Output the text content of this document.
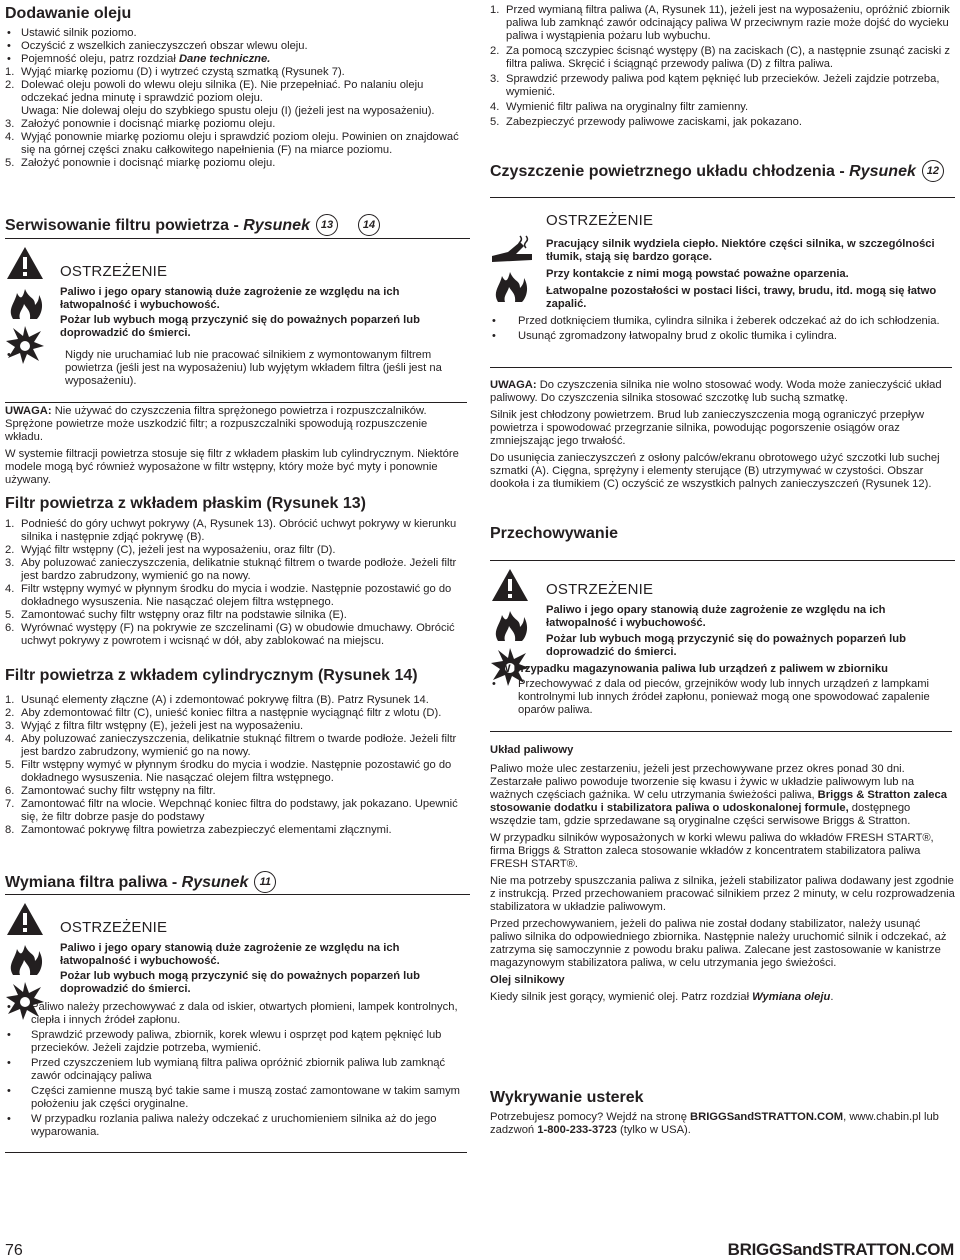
Dodawanie oleju
• Ustawić silnik poziomo.
• Oczyścić z wszelkich zanieczyszczeń obszar wlewu oleju.
• Pojemność oleju, patrz rozdział Dane techniczne.
1. Wyjąć miarkę poziomu (D) i wytrzeć czystą szmatką (Rysunek 7).
2. Dolewać oleju powoli do wlewu oleju silnika (E). Nie przepełniać. Po nalaniu oleju odczekać jedna minutę i sprawdzić poziom oleju.
Uwaga: Nie dolewaj oleju do szybkiego spustu oleju (I) (jeżeli jest na wyposażeniu).
3. Założyć ponownie i docisnąć miarkę poziomu oleju.
4. Wyjąć ponownie miarkę poziomu oleju i sprawdzić poziom oleju. Powinien on znajdować się na górnej części znaku całkowitego napełnienia (F) na miarce poziomu.
5. Założyć ponownie i docisnąć miarkę poziomu oleju.
Serwisowanie filtru powietrza - Rysunek 13	14
OSTRZEŻENIE

Paliwo i jego opary stanowią duże zagrożenie ze względu na ich łatwopalność i wybuchowość.

Pożar lub wybuch mogą przyczynić się do poważnych poparzeń lub doprowadzić do śmierci.

• Nigdy nie uruchamiać lub nie pracować silnikiem z wymontowanym filtrem powietrza (jeśli jest na wyposażeniu) lub wyjętym wkładem filtra (jeśli jest na wyposażeniu).

UWAGA: Nie używać do czyszczenia filtra sprężonego powietrza i rozpuszczalników. Sprężone powietrze może uszkodzić filtr; a rozpuszczalniki spowodują rozpuszczenie wkładu.

W systemie filtracji powietrza stosuje się filtr z wkładem płaskim lub cylindrycznym. Niektóre modele mogą być również wyposażone w filtr wstępny, który może być myty i ponownie używany.

Filtr powietrza z wkładem płaskim (Rysunek 13)
1. Podnieść do góry uchwyt pokrywy (A, Rysunek 13). Obrócić uchwyt pokrywy w kierunku silnika i następnie zdjąć pokrywę (B).
2. Wyjąć filtr wstępny (C), jeżeli jest na wyposażeniu, oraz filtr (D).
3. Aby poluzować zanieczyszczenia, delikatnie stuknąć filtrem o twarde podłoże. Jeżeli filtr jest bardzo zabrudzony, wymienić go na nowy.
4. Filtr wstępny wymyć w płynnym środku do mycia i wodzie. Następnie pozostawić go do dokładnego wysuszenia. Nie nasączać olejem filtra wstępnego.
5. Zamontować suchy filtr wstępny oraz filtr na podstawie silnika (E).
6. Wyrównać występy (F) na pokrywie ze szczelinami (G) w obudowie dmuchawy. Obrócić uchwyt pokrywy z powrotem i wcisnąć w dół, aby zablokować na miejscu.
Filtr powietrza z wkładem cylindrycznym (Rysunek 14)
1. Usunąć elementy złączne (A) i zdemontować pokrywę filtra (B). Patrz Rysunek 14.
2. Aby zdemontować filtr (C), unieść koniec filtra a następnie wyciągnąć filtr z wlotu (D).
3. Wyjąć z filtra filtr wstępny (E), jeżeli jest na wyposażeniu.
4. Aby poluzować zanieczyszczenia, delikatnie stuknąć filtrem o twarde podłoże. Jeżeli filtr jest bardzo zabrudzony, wymienić go na nowy.
5. Filtr wstępny wymyć w płynnym środku do mycia i wodzie. Następnie pozostawić go do dokładnego wysuszenia. Nie nasączać olejem filtra wstępnego.
6. Zamontować suchy filtr wstępny na filtr.
7. Zamontować filtr na wlocie. Wepchnąć koniec filtra do podstawy, jak pokazano. Upewnić się, że filtr dobrze pasje do podstawy
8. Zamontować pokrywę filtra powietrza zabezpieczyć elementami złącznymi.
Wymiana filtra paliwa - Rysunek	11
OSTRZEŻENIE

Paliwo i jego opary stanowią duże zagrożenie ze względu na ich łatwopalność i wybuchowość.

Pożar lub wybuch mogą przyczynić się do poważnych poparzeń lub doprowadzić do śmierci.

• Paliwo należy przechowywać z dala od iskier, otwartych płomieni, lampek kontrolnych, ciepła i innych źródeł zapłonu.
• Sprawdzić przewody paliwa, zbiornik, korek wlewu i osprzęt pod kątem pęknięć lub przecieków. Jeżeli zajdzie potrzeba, wymienić.
• Przed czyszczeniem lub wymianą filtra paliwa opróżnić zbiornik paliwa lub zamknąć zawór odcinający paliwa
• Części zamienne muszą być takie same i muszą zostać zamontowane w takim samym położeniu jak części oryginalne.
• W przypadku rozlania paliwa należy odczekać z uruchomieniem silnika aż do jego wyparowania.
1. Przed wymianą filtra paliwa (A, Rysunek 11), jeżeli jest na wyposażeniu, opróżnić zbiornik paliwa lub zamknąć zawór odcinający paliwa W przeciwnym razie może dojść do wycieku paliwa i wystąpienia pożaru lub wybuchu.
2. Za pomocą szczypiec ścisnąć występy (B) na zaciskach (C), a następnie zsunąć zaciski z filtra paliwa. Skręcić i ściągnąć przewody paliwa (D) z filtra paliwa.
3. Sprawdzić przewody paliwa pod kątem pęknięć lub przecieków. Jeżeli zajdzie potrzeba, wymienić.
4. Wymienić filtr paliwa na oryginalny filtr zamienny.
5. Zabezpieczyć przewody paliwowe zaciskami, jak pokazano.
Czyszczenie powietrznego układu chłodzenia - Rysunek 12
OSTRZEŻENIE

Pracujący silnik wydziela ciepło. Niektóre części silnika, w szczególności tłumik, stają się bardzo gorące.

Przy kontakcie z nimi mogą powstać poważne oparzenia.

Łatwopalne pozostałości w postaci liści, trawy, brudu, itd. mogą się łatwo zapalić.

• Przed dotknięciem tłumika, cylindra silnika i żeberek odczekać aż do ich schłodzenia.
• Usunąć zgromadzony łatwopalny brud z okolic tłumika i cylindra.

UWAGA: Do czyszczenia silnika nie wolno stosować wody. Woda może zanieczyścić układ paliwowy. Do czyszczenia silnika stosować szczotkę lub suchą szmatkę.

Silnik jest chłodzony powietrzem. Brud lub zanieczyszczenia mogą ograniczyć przepływ powietrza i spowodować przegrzanie silnika, powodując pogorszenie osiągów oraz zmniejszając jego trwałość.

Do usunięcia zanieczyszczeń z osłony palców/ekranu obrotowego użyć szczotki lub suchej szmatki (A). Cięgna, sprężyny i elementy sterujące (B) utrzymywać w czystości. Obszar dookoła i za tłumikiem (C) oczyścić ze wszystkich palnych zanieczyszczeń (Rysunek 12).

Przechowywanie
OSTRZEŻENIE

Paliwo i jego opary stanowią duże zagrożenie ze względu na ich łatwopalność i wybuchowość.

Pożar lub wybuch mogą przyczynić się do poważnych poparzeń lub doprowadzić do śmierci.

W przypadku magazynowania paliwa lub urządzeń z paliwem w zbiorniku

• Przechowywać z dala od pieców, grzejników wody lub innych urządzeń z lampkami kontrolnymi lub innych źródeł zapłonu, ponieważ mogą one spowodować zapalenie oparów paliwa.

Układ paliwowy

Paliwo może ulec zestarzeniu, jeżeli jest przechowywane przez okres ponad 30 dni. Zestarzałe paliwo powoduje tworzenie się kwasu i żywic w układzie paliwowym lub na ważnych częściach gaźnika. W celu utrzymania świeżości paliwa, Briggs & Stratton zaleca stosowanie dodatku i stabilizatora paliwa o udoskonalonej formule, dostępnego wszędzie tam, gdzie sprzedawane są oryginalne części serwisowe Briggs & Stratton.

W przypadku silników wyposażonych w korki wlewu paliwa do wkładów FRESH START®, firma Briggs & Stratton zaleca stosowanie wkładów z koncentratem stabilizatora paliwa FRESH START®.

Nie ma potrzeby spuszczania paliwa z silnika, jeżeli stabilizator paliwa dodawany jest zgodnie z instrukcją. Przed przechowaniem pracować silnikiem przez 2 minuty, w celu rozprowadzenia stabilizatora w układzie paliwowym.

Przed przechowywaniem, jeżeli do paliwa nie został dodany stabilizator, należy usunąć paliwo silnika do odpowiedniego zbiornika. Następnie należy uruchomić silnik i odczekać, aż zatrzyma się samoczynnie z powodu braku paliwa. Zalecane jest zastosowanie w kanistrze magazynowym stabilizatora paliwa, w celu utrzymania jego świeżości.

Olej silnikowy

Kiedy silnik jest gorący, wymienić olej. Patrz rozdział Wymiana oleju.

Wykrywanie usterek

Potrzebujesz pomocy? Wejdź na stronę BRIGGSandSTRATTON.COM, www.chabin.pl lub zadzwoń 1-800-233-3723 (tylko w USA).

76	BRIGGSandSTRATTON.COM
